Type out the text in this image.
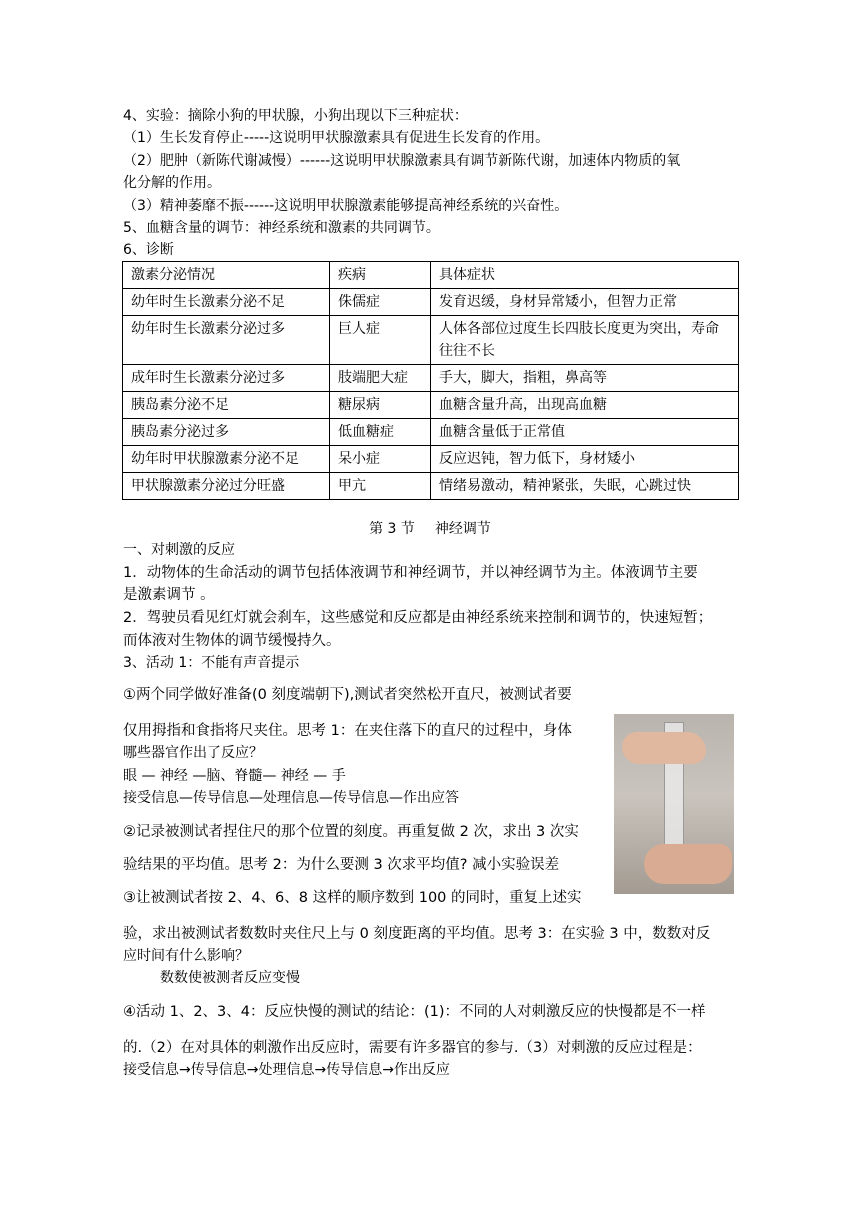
4、实验：摘除小狗的甲状腺，小狗出现以下三种症状：
（1）生长发育停止-----这说明甲状腺激素具有促进生长发育的作用。
（2）肥肿（新陈代谢减慢）------这说明甲状腺激素具有调节新陈代谢，加速体内物质的氧
化分解的作用。
（3）精神萎靡不振------这说明甲状腺激素能够提高神经系统的兴奋性。
5、血糖含量的调节：神经系统和激素的共同调节。
6、诊断
激素分泌情况	疾病	具体症状
幼年时生长激素分泌不足	侏儒症	发育迟缓，身材异常矮小，但智力正常
幼年时生长激素分泌过多	巨人症	人体各部位过度生长四肢长度更为突出，寿命往往不长
成年时生长激素分泌过多	肢端肥大症	手大，脚大，指粗，鼻高等
胰岛素分泌不足	糖尿病	血糖含量升高，出现高血糖
胰岛素分泌过多	低血糖症	血糖含量低于正常值
幼年时甲状腺激素分泌不足	呆小症	反应迟钝，智力低下，身材矮小
甲状腺激素分泌过分旺盛	甲亢	情绪易激动，精神紧张，失眠，心跳过快
第 3 节 神经调节
一、对刺激的反应
1．动物体的生命活动的调节包括体液调节和神经调节，并以神经调节为主。体液调节主要
是激素调节 。
2．驾驶员看见红灯就会刹车，这些感觉和反应都是由神经系统来控制和调节的，快速短暂；
而体液对生物体的调节缓慢持久。
3、活动 1：不能有声音提示
①两个同学做好准备(0 刻度端朝下),测试者突然松开直尺，被测试者要
仅用拇指和食指将尺夹住。思考 1：在夹住落下的直尺的过程中，身体
哪些器官作出了反应？
眼 — 神经 —脑、脊髓— 神经 — 手
接受信息—传导信息—处理信息—传导信息—作出应答
②记录被测试者捏住尺的那个位置的刻度。再重复做 2 次，求出 3 次实
验结果的平均值。思考 2：为什么要测 3 次求平均值? 减小实验误差
③让被测试者按 2、4、6、8 这样的顺序数到 100 的同时，重复上述实
验，求出被测试者数数时夹住尺上与 0 刻度距离的平均值。思考 3：在实验 3 中，数数对反
应时间有什么影响？
数数使被测者反应变慢
④活动 1、2、3、4：反应快慢的测试的结论：(1)：不同的人对刺激反应的快慢都是不一样
的.（2）在对具体的刺激作出反应时，需要有许多器官的参与.（3）对刺激的反应过程是：
接受信息→传导信息→处理信息→传导信息→作出反应
